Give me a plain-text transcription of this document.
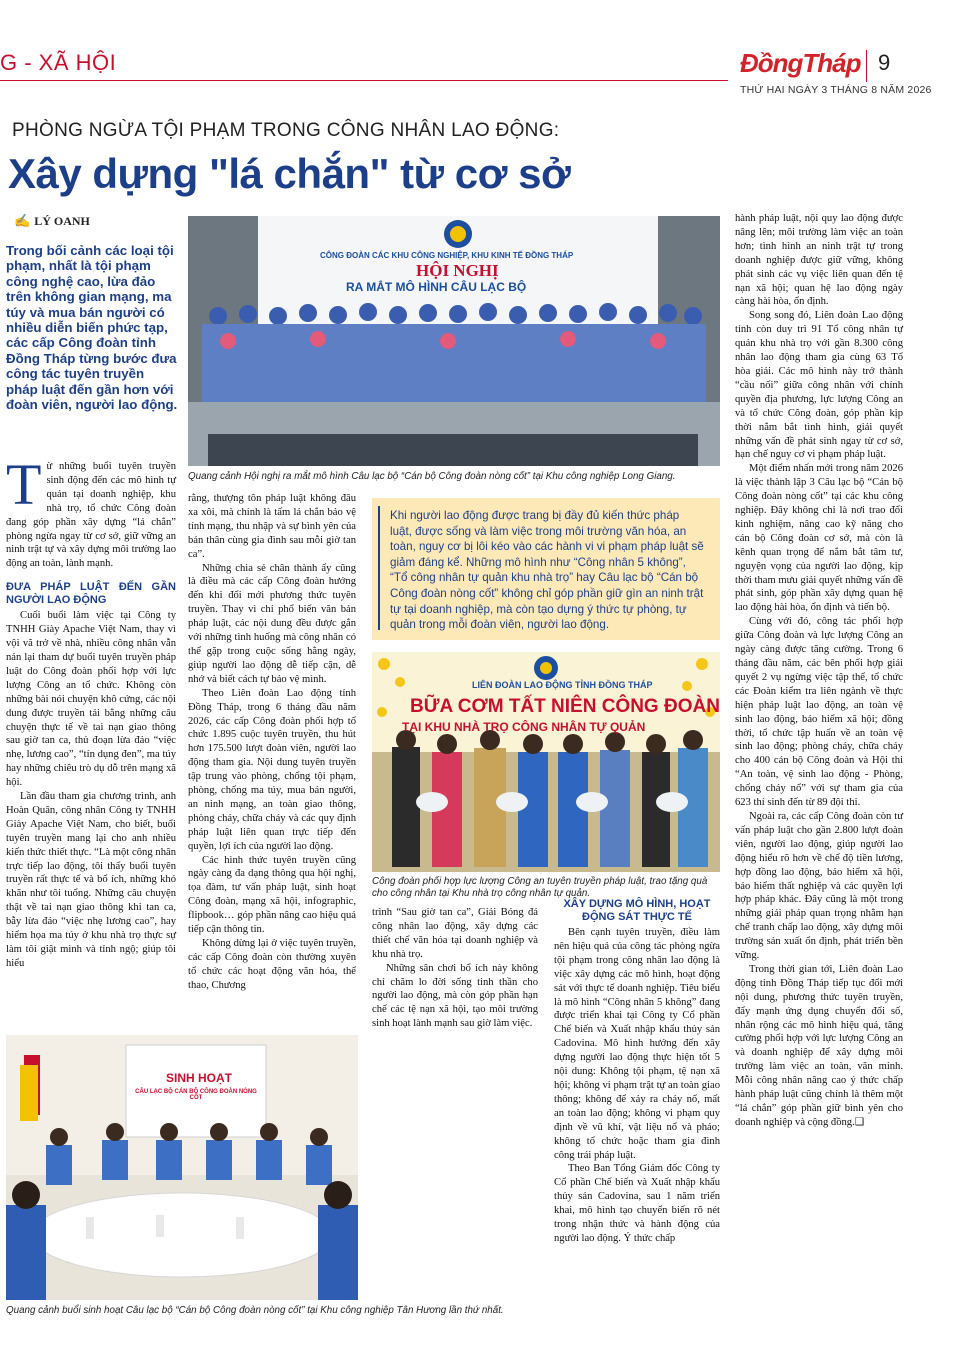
G - XÃ HỘI	ĐồngTháp 9
THỨ HAI NGÀY 3 THÁNG 8 NĂM 2026
PHÒNG NGỪA TỘI PHẠM TRONG CÔNG NHÂN LAO ĐỘNG:
Xây dựng "lá chắn" từ cơ sở
✍ LÝ OANH
Trong bối cảnh các loại tội phạm, nhất là tội phạm công nghệ cao, lừa đảo trên không gian mạng, ma túy và mua bán người có nhiều diễn biến phức tạp, các cấp Công đoàn tỉnh Đồng Tháp từng bước đưa công tác tuyên truyền pháp luật đến gần hơn với đoàn viên, người lao động.
CÔNG ĐOÀN CÁC KHU CÔNG NGHIỆP, KHU KINH TẾ ĐỒNG THÁP
HỘI NGHỊ
RA MẮT MÔ HÌNH CÂU LẠC BỘ
Quang cảnh Hội nghị ra mắt mô hình Câu lạc bộ “Cán bộ Công đoàn nòng cốt” tại Khu công nghiệp Long Giang.

Từ những buổi tuyên truyền sinh động đến các mô hình tự quản tại doanh nghiệp, khu nhà trọ, tổ chức Công đoàn đang góp phần xây dựng “lá chắn” phòng ngừa ngay từ cơ sở, giữ vững an ninh trật tự và xây dựng môi trường lao động an toàn, lành mạnh.

ĐƯA PHÁP LUẬT ĐẾN GẦN NGƯỜI LAO ĐỘNG

Cuối buổi làm việc tại Công ty TNHH Giày Apache Việt Nam, thay vì vội vã trở về nhà, nhiều công nhân vẫn nán lại tham dự buổi tuyên truyền pháp luật do Công đoàn phối hợp với lực lượng Công an tổ chức. Không còn những bài nói chuyện khô cứng, các nội dung được truyền tải bằng những câu chuyện thực tế về tai nạn giao thông sau giờ tan ca, thủ đoạn lừa đảo “việc nhẹ, lương cao”, “tín dụng đen”, ma túy hay những chiêu trò dụ dỗ trên mạng xã hội.

Lần đầu tham gia chương trình, anh Hoàn Quân, công nhân Công ty TNHH Giày Apache Việt Nam, cho biết, buổi tuyên truyền mang lại cho anh nhiều kiến thức thiết thực. “Là một công nhân trực tiếp lao động, tôi thấy buổi tuyên truyền rất thực tế và bổ ích, những khó khăn như tôi tuổng. Những câu chuyện thật về tai nạn giao thông khi tan ca, bẫy lừa đảo “việc nhẹ lương cao”, hay hiểm họa ma túy ở khu nhà trọ thực sự làm tôi giật mình và tỉnh ngộ; giúp tôi hiểu

rằng, thượng tôn pháp luật không đâu xa xôi, mà chính là tấm lá chắn bảo vệ tính mạng, thu nhập và sự bình yên của bản thân cùng gia đình sau mỗi giờ tan ca”.

Những chia sẻ chân thành ấy cũng là điều mà các cấp Công đoàn hướng đến khi đổi mới phương thức tuyên truyền. Thay vì chỉ phổ biến văn bản pháp luật, các nội dung đều được gắn với những tình huống mà công nhân có thể gặp trong cuộc sống hằng ngày, giúp người lao động dễ tiếp cận, dễ nhớ và biết cách tự bảo vệ mình.

Theo Liên đoàn Lao động tỉnh Đồng Tháp, trong 6 tháng đầu năm 2026, các cấp Công đoàn phối hợp tổ chức 1.895 cuộc tuyên truyền, thu hút hơn 175.500 lượt đoàn viên, người lao động tham gia. Nội dung tuyên truyền tập trung vào phòng, chống tội phạm, phòng, chống ma túy, mua bán người, an ninh mạng, an toàn giao thông, phòng cháy, chữa cháy và các quy định pháp luật liên quan trực tiếp đến quyền, lợi ích của người lao động.

Các hình thức tuyên truyền cũng ngày càng đa dạng thông qua hội nghị, tọa đàm, tư vấn pháp luật, sinh hoạt Công đoàn, mạng xã hội, infographic, flipbook… góp phần nâng cao hiệu quả tiếp cận thông tin.

Không dừng lại ở việc tuyên truyền, các cấp Công đoàn còn thường xuyên tổ chức các hoạt động văn hóa, thể thao, Chương

Khi người lao động được trang bị đầy đủ kiến thức pháp luật, được sống và làm việc trong môi trường văn hóa, an toàn, nguy cơ bị lôi kéo vào các hành vi vi phạm pháp luật sẽ giảm đáng kể. Những mô hình như “Công nhân 5 không”, “Tổ công nhân tự quản khu nhà trọ” hay Câu lạc bộ “Cán bộ Công đoàn nòng cốt” không chỉ góp phần giữ gìn an ninh trật tự tại doanh nghiệp, mà còn tạo dựng ý thức tự phòng, tự quản trong mỗi đoàn viên, người lao động.
LIÊN ĐOÀN LAO ĐỘNG TỈNH ĐỒNG THÁP
BỮA CƠM TẤT NIÊN CÔNG ĐOÀN
TẠI KHU NHÀ TRỌ CÔNG NHÂN TỰ QUẢN
Công đoàn phối hợp lực lượng Công an tuyên truyền pháp luật, trao tặng quà cho công nhân tại Khu nhà trọ công nhân tự quản.

trình “Sau giờ tan ca”, Giải Bóng đá công nhân lao động, xây dựng các thiết chế văn hóa tại doanh nghiệp và khu nhà trọ.

Những sân chơi bổ ích này không chỉ chăm lo đời sống tinh thần cho người lao động, mà còn góp phần hạn chế các tệ nạn xã hội, tạo môi trường sinh hoạt lành mạnh sau giờ làm việc.

XÂY DỰNG MÔ HÌNH, HOẠT ĐỘNG SÁT THỰC TẾ

Bên cạnh tuyên truyền, điều làm nên hiệu quả của công tác phòng ngừa tội phạm trong công nhân lao động là việc xây dựng các mô hình, hoạt động sát với thực tế doanh nghiệp. Tiêu biểu là mô hình “Công nhân 5 không” đang được triển khai tại Công ty Cổ phần Chế biến và Xuất nhập khẩu thủy sản Cadovina. Mô hình hướng đến xây dựng người lao động thực hiện tốt 5 nội dung: Không tội phạm, tệ nạn xã hội; không vi phạm trật tự an toàn giao thông; không để xảy ra cháy nổ, mất an toàn lao động; không vi phạm quy định về vũ khí, vật liệu nổ và pháo; không tổ chức hoặc tham gia đình công trái pháp luật.

Theo Ban Tổng Giám đốc Công ty Cổ phần Chế biến và Xuất nhập khẩu thủy sản Cadovina, sau 1 năm triển khai, mô hình tạo chuyển biến rõ nét trong nhận thức và hành động của người lao động. Ý thức chấp

hành pháp luật, nội quy lao động được nâng lên; môi trường làm việc an toàn hơn; tình hình an ninh trật tự trong doanh nghiệp được giữ vững, không phát sinh các vụ việc liên quan đến tệ nạn xã hội; quan hệ lao động ngày càng hài hòa, ổn định.

Song song đó, Liên đoàn Lao động tỉnh còn duy trì 91 Tổ công nhân tự quản khu nhà trọ với gần 8.300 công nhân lao động tham gia cùng 63 Tổ hòa giải. Các mô hình này trở thành “cầu nối” giữa công nhân với chính quyền địa phương, lực lượng Công an và tổ chức Công đoàn, góp phần kịp thời nắm bắt tình hình, giải quyết những vấn đề phát sinh ngay từ cơ sở, hạn chế nguy cơ vi phạm pháp luật.

Một điểm nhấn mới trong năm 2026 là việc thành lập 3 Câu lạc bộ “Cán bộ Công đoàn nòng cốt” tại các khu công nghiệp. Đây không chỉ là nơi trao đổi kinh nghiệm, nâng cao kỹ năng cho cán bộ Công đoàn cơ sở, mà còn là kênh quan trọng để nắm bắt tâm tư, nguyện vọng của người lao động, kịp thời tham mưu giải quyết những vấn đề phát sinh, góp phần xây dựng quan hệ lao động hài hòa, ổn định và tiến bộ.

Cùng với đó, công tác phối hợp giữa Công đoàn và lực lượng Công an ngày càng được tăng cường. Trong 6 tháng đầu năm, các bên phối hợp giải quyết 2 vụ ngừng việc tập thể, tổ chức các Đoàn kiểm tra liên ngành về thực hiện pháp luật lao động, an toàn vệ sinh lao động, bảo hiểm xã hội; đồng thời, tổ chức tập huấn về an toàn vệ sinh lao động; phòng cháy, chữa cháy cho 400 cán bộ Công đoàn và Hội thi “An toàn, vệ sinh lao động - Phòng, chống cháy nổ” với sự tham gia của 623 thí sinh đến từ 89 đội thi.

Ngoài ra, các cấp Công đoàn còn tư vấn pháp luật cho gần 2.800 lượt đoàn viên, người lao động, giúp người lao động hiểu rõ hơn về chế độ tiền lương, hợp đồng lao động, bảo hiểm xã hội, bảo hiểm thất nghiệp và các quyền lợi hợp pháp khác. Đây cũng là một trong những giải pháp quan trọng nhằm hạn chế tranh chấp lao động, xây dựng môi trường sản xuất ổn định, phát triển bền vững.

Trong thời gian tới, Liên đoàn Lao động tỉnh Đồng Tháp tiếp tục đổi mới nội dung, phương thức tuyên truyền, đẩy mạnh ứng dụng chuyển đổi số, nhân rộng các mô hình hiệu quả, tăng cường phối hợp với lực lượng Công an và doanh nghiệp để xây dựng môi trường làm việc an toàn, văn minh. Mỗi công nhân nâng cao ý thức chấp hành pháp luật cũng chính là thêm một “lá chắn” góp phần giữ bình yên cho doanh nghiệp và cộng đồng.❑

SINH HOẠT
CÂU LẠC BỘ CÁN BỘ CÔNG ĐOÀN NÒNG CỐT
Quang cảnh buổi sinh hoạt Câu lạc bộ “Cán bộ Công đoàn nòng cốt” tại Khu công nghiệp Tân Hương lần thứ nhất.
